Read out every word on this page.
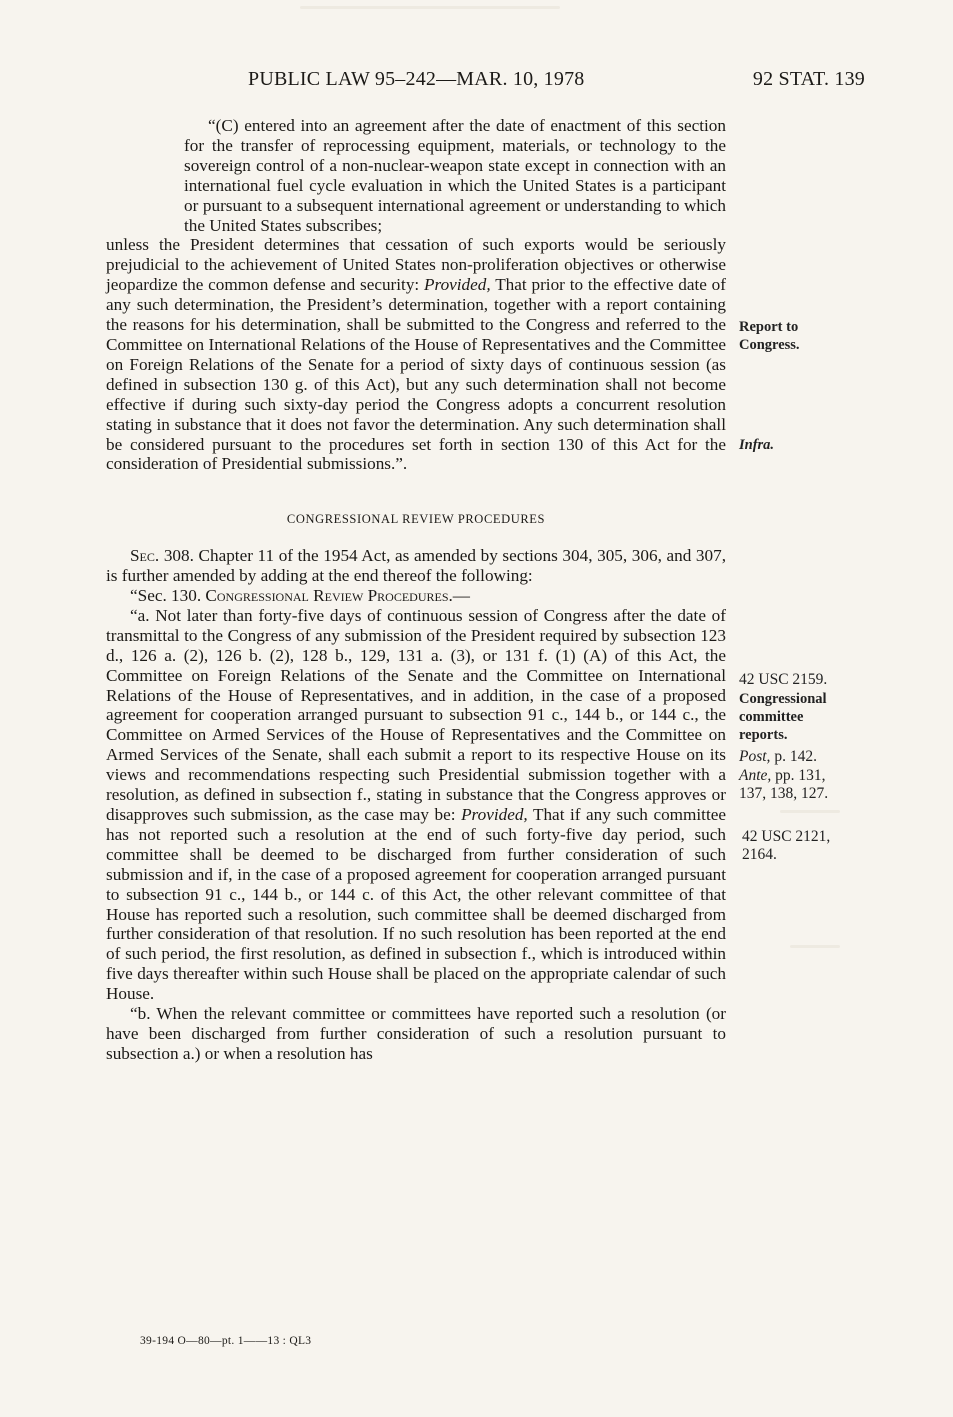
PUBLIC LAW 95–242—MAR. 10, 1978	92 STAT. 139

“(C) entered into an agreement after the date of enactment of this section for the transfer of reprocessing equipment, materials, or technology to the sovereign control of a non-nuclear-weapon state except in connection with an international fuel cycle evaluation in which the United States is a participant or pursuant to a subsequent international agreement or understanding to which the United States subscribes;

unless the President determines that cessation of such exports would be seriously prejudicial to the achievement of United States non-proliferation objectives or otherwise jeopardize the common defense and security: Provided, That prior to the effective date of any such determination, the President’s determination, together with a report containing the reasons for his determination, shall be submitted to the Congress and referred to the Committee on International Relations of the House of Representatives and the Committee on Foreign Relations of the Senate for a period of sixty days of continuous session (as defined in subsection 130 g. of this Act), but any such determination shall not become effective if during such sixty-day period the Congress adopts a concurrent resolution stating in substance that it does not favor the determination. Any such determination shall be considered pursuant to the procedures set forth in section 130 of this Act for the consideration of Presidential submissions.”.

CONGRESSIONAL REVIEW PROCEDURES

Sec. 308. Chapter 11 of the 1954 Act, as amended by sections 304, 305, 306, and 307, is further amended by adding at the end thereof the following:

“Sec. 130. Congressional Review Procedures.—

“a. Not later than forty-five days of continuous session of Congress after the date of transmittal to the Congress of any submission of the President required by subsection 123 d., 126 a. (2), 126 b. (2), 128 b., 129, 131 a. (3), or 131 f. (1) (A) of this Act, the Committee on Foreign Relations of the Senate and the Committee on International Relations of the House of Representatives, and in addition, in the case of a proposed agreement for cooperation arranged pursuant to subsection 91 c., 144 b., or 144 c., the Committee on Armed Services of the House of Representatives and the Committee on Armed Services of the Senate, shall each submit a report to its respective House on its views and recommendations respecting such Presidential submission together with a resolution, as defined in subsection f., stating in substance that the Congress approves or disapproves such submission, as the case may be: Provided, That if any such committee has not reported such a resolution at the end of such forty-five day period, such committee shall be deemed to be discharged from further consideration of such submission and if, in the case of a proposed agreement for cooperation arranged pursuant to subsection 91 c., 144 b., or 144 c. of this Act, the other relevant committee of that House has reported such a resolution, such committee shall be deemed discharged from further consideration of that resolution. If no such resolution has been reported at the end of such period, the first resolution, as defined in subsection f., which is introduced within five days thereafter within such House shall be placed on the appropriate calendar of such House.

“b. When the relevant committee or committees have reported such a resolution (or have been discharged from further consideration of such a resolution pursuant to subsection a.) or when a resolution has

Report to
Congress.
Infra.
42 USC 2159.
Congressional
committee
reports.
Post, p. 142.
Ante, pp. 131,
137, 138, 127.
42 USC 2121,
2164.
39-194 O—80—pt. 1——13 : QL3
